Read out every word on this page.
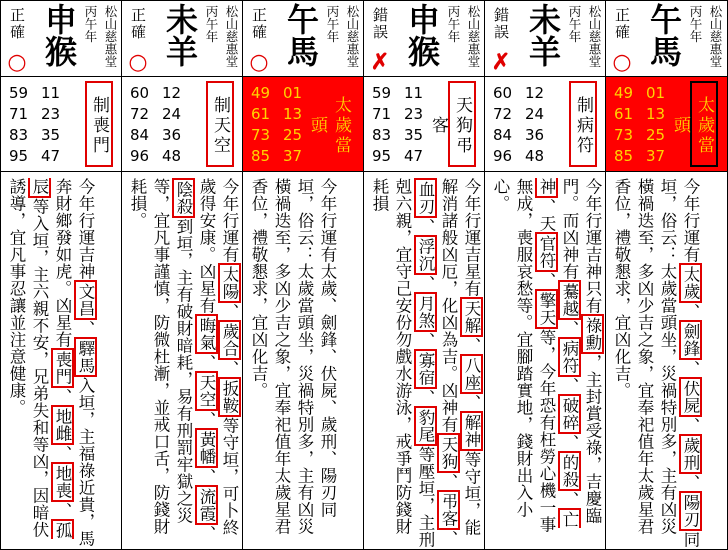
正確
○ 申猴 丙午年 松山慈惠堂
59 11
71 23
83 35
95 47	制喪門
今年行運吉神文昌、驛馬入垣，主福祿近貴，馬奔財鄉發如虎。凶星有喪門、地雌、地喪、孤辰等入垣，主六親不安，兄弟失和等凶，因暗伏誘導，宜凡事忍讓並注意健康。
正確
○ 未羊 丙午年 松山慈惠堂
60 12
72 24
84 36
96 48	制天空
今年行運有太陽、歲合、扳鞍等守垣，可卜終歲得安康。凶星有晦氣、天空、黃幡、流霞、陰殺到垣，主有破財暗耗，易有刑罰牢獄之災等，宜凡事謹慎，防微杜漸，並戒口舌，防錢財耗損。
正確
○ 午馬 丙午年 松山慈惠堂
49 01
61 13
73 25
85 37	太歲當頭
今年行運有太歲、劍鋒、伏屍、歲刑、陽刃同垣，俗云：太歲當頭坐，災禍特別多，主有凶災橫禍迭至，多凶少吉之象，宜奉祀值年太歲星君香位，禮敬懇求，宜凶化吉。
錯誤
✗ 申猴 丙午年 松山慈惠堂
59 11
71 23
83 35
95 47	天狗弔客
今年行運吉星有天解、八座、解神等守垣，能解消諸般凶厄，化凶為吉。凶神有天狗、弔客、血刃、浮沉、月煞、寡宿、豹尾等壓垣，主刑剋六親，宜守己安份勿戲水游泳，戒爭鬥防錢財耗損
錯誤
✗ 未羊 丙午年 松山慈惠堂
60 12
72 24
84 36
96 48	制病符
今年行運吉神只有祿勳，主封賞受祿，吉慶臨門。而凶神有驀越、病符、破碎、的殺、亡神、天官符、擎天等，今年恐有枉勞心機一事無成，喪服哀愁等。宜腳踏實地，錢財出入小心。
正確
○ 午馬 丙午年 松山慈惠堂
49 01
61 13
73 25
85 37	太歲當頭
今年行運有太歲、劍鋒、伏屍、歲刑、陽刃同垣，俗云：太歲當頭坐，災禍特別多，主有凶災橫禍迭至，多凶少吉之象，宜奉祀值年太歲星君香位，禮敬懇求，宜凶化吉。
